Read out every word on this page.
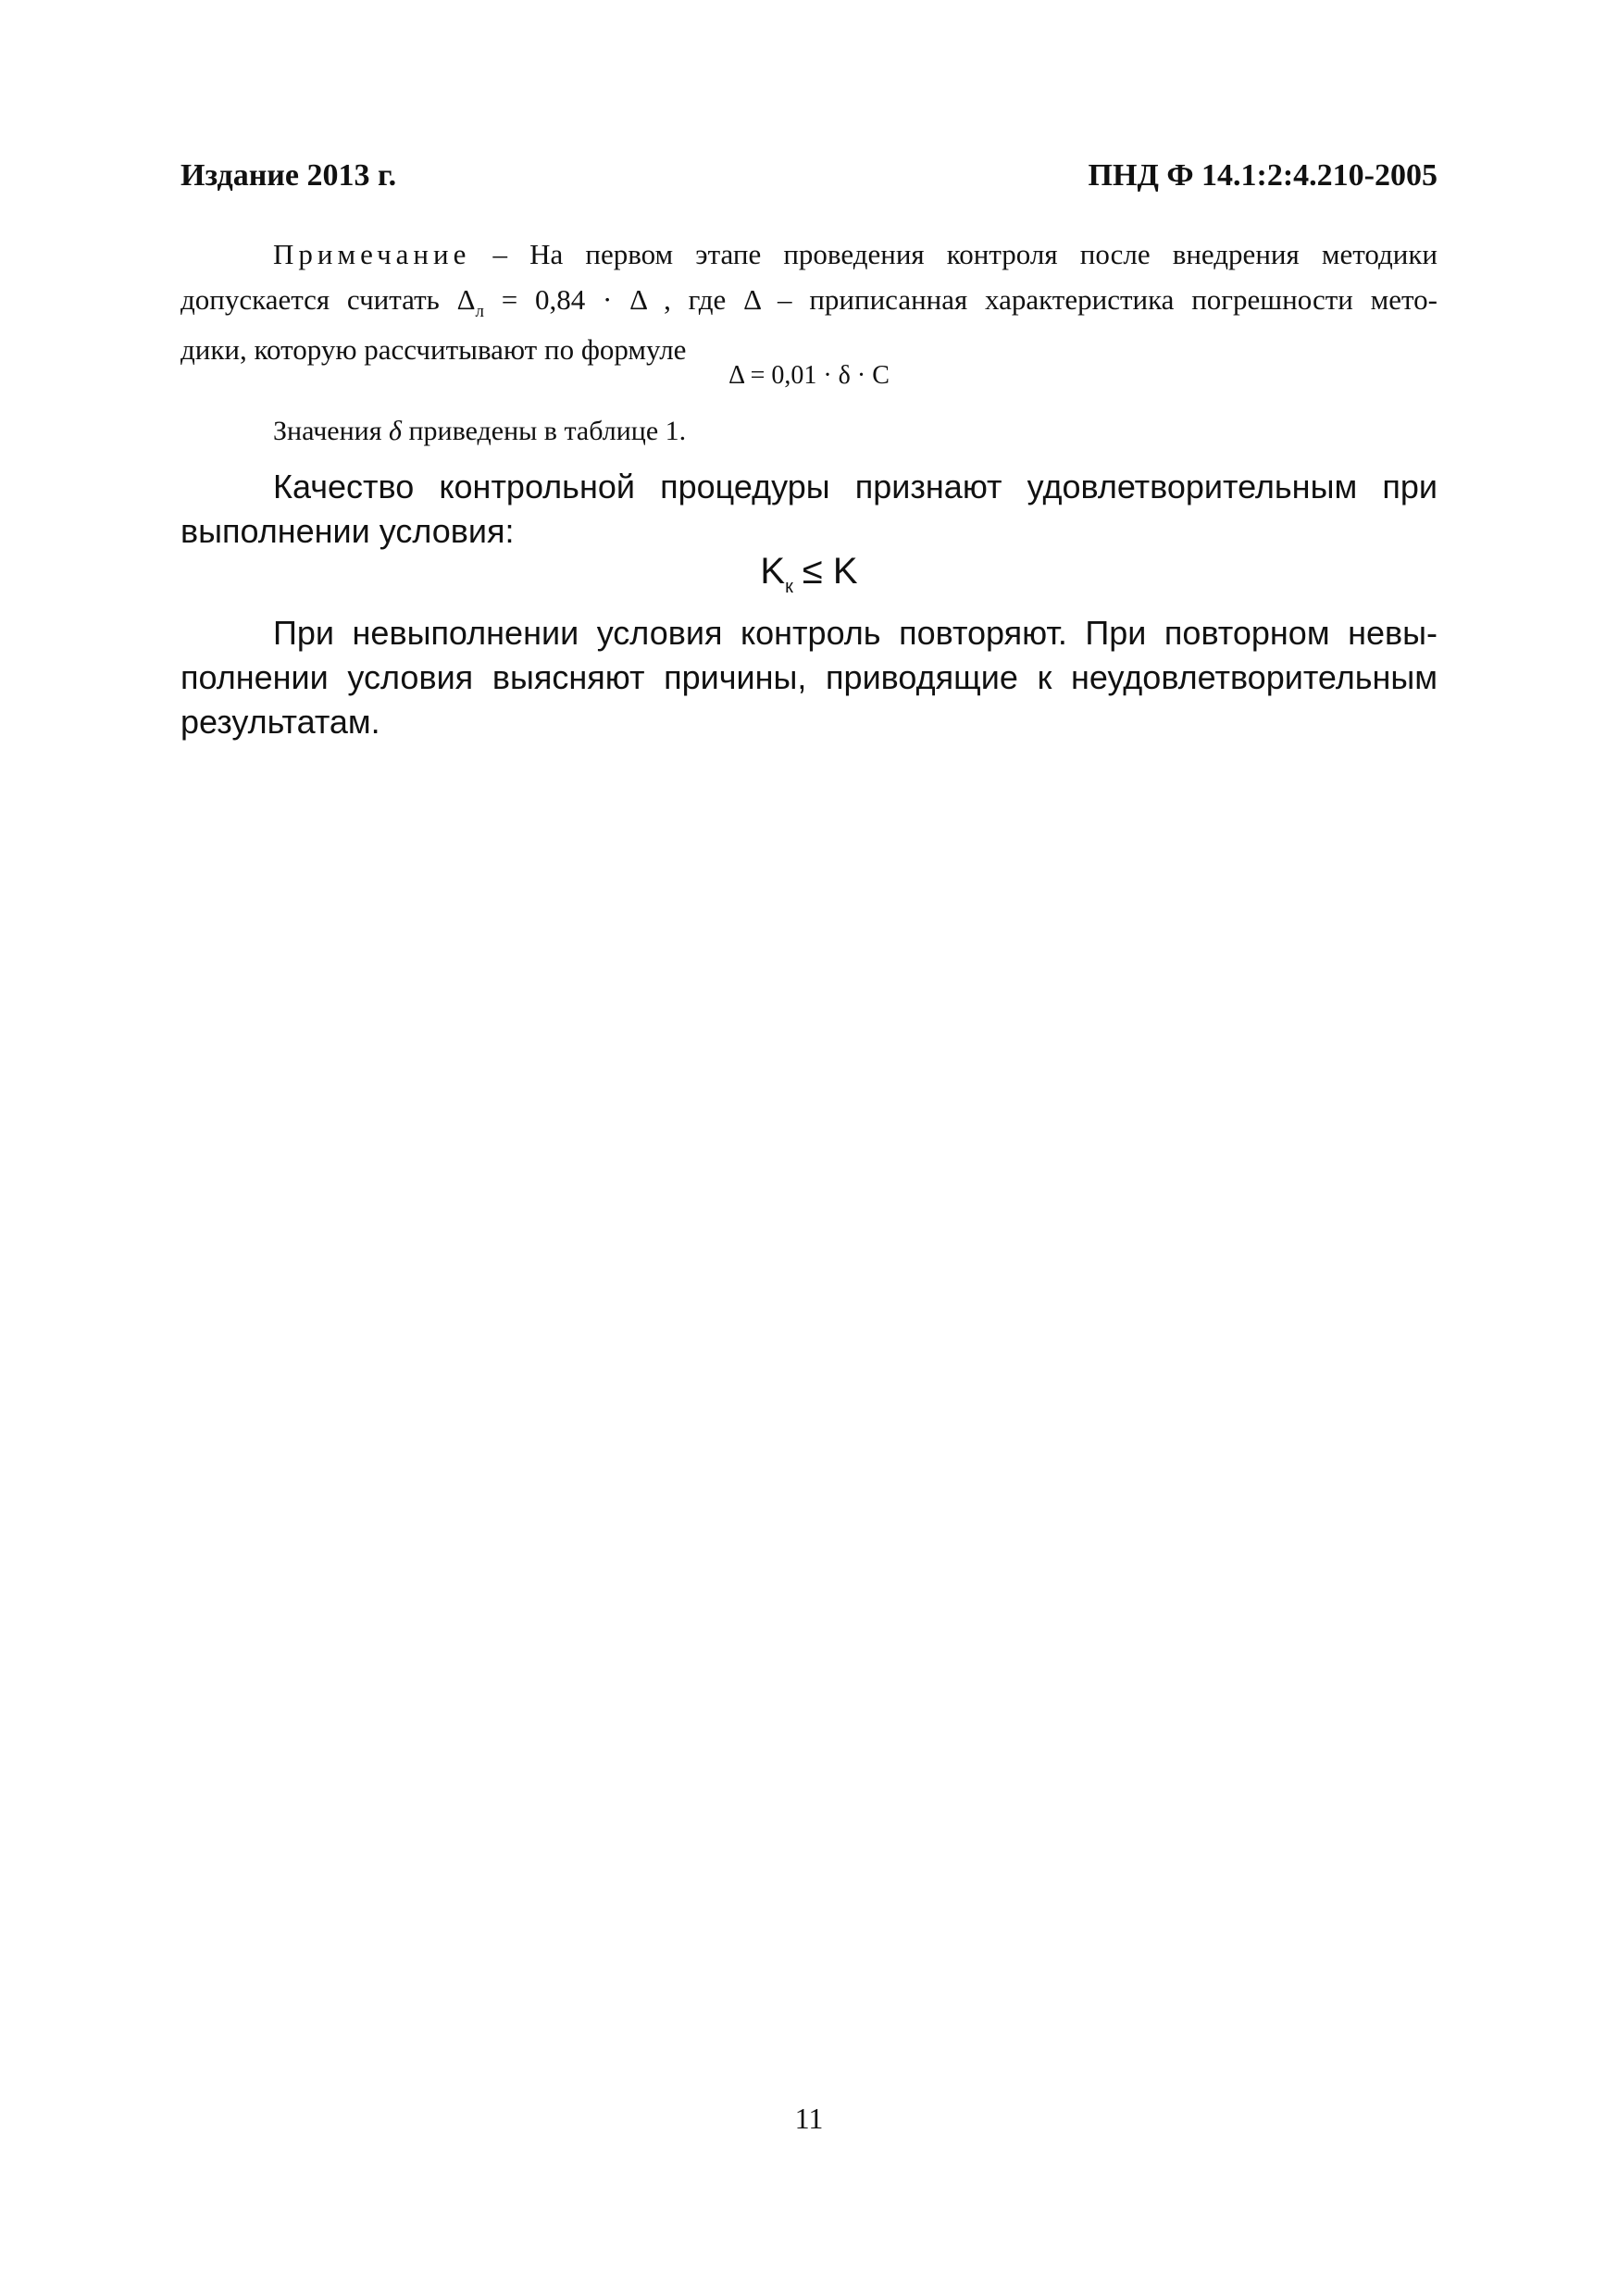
Издание 2013 г.	ПНД Ф 14.1:2:4.210-2005
Примечание – На первом этапе проведения контроля после внедрения методики
допускается считать $\Delta_л = 0,84 \cdot \Delta$ , где Δ – приписанная характеристика погрешности мето-
дики, которую рассчитывают по формуле
Δ = 0,01 · δ · C
Значения δ приведены в таблице 1.
Качество контрольной процедуры признают удовлетворительным при
выполнении условия:
$K_к \le K$
При невыполнении условия контроль повторяют. При повторном невы-
полнении условия выясняют причины, приводящие к неудовлетворительным
результатам.
11
